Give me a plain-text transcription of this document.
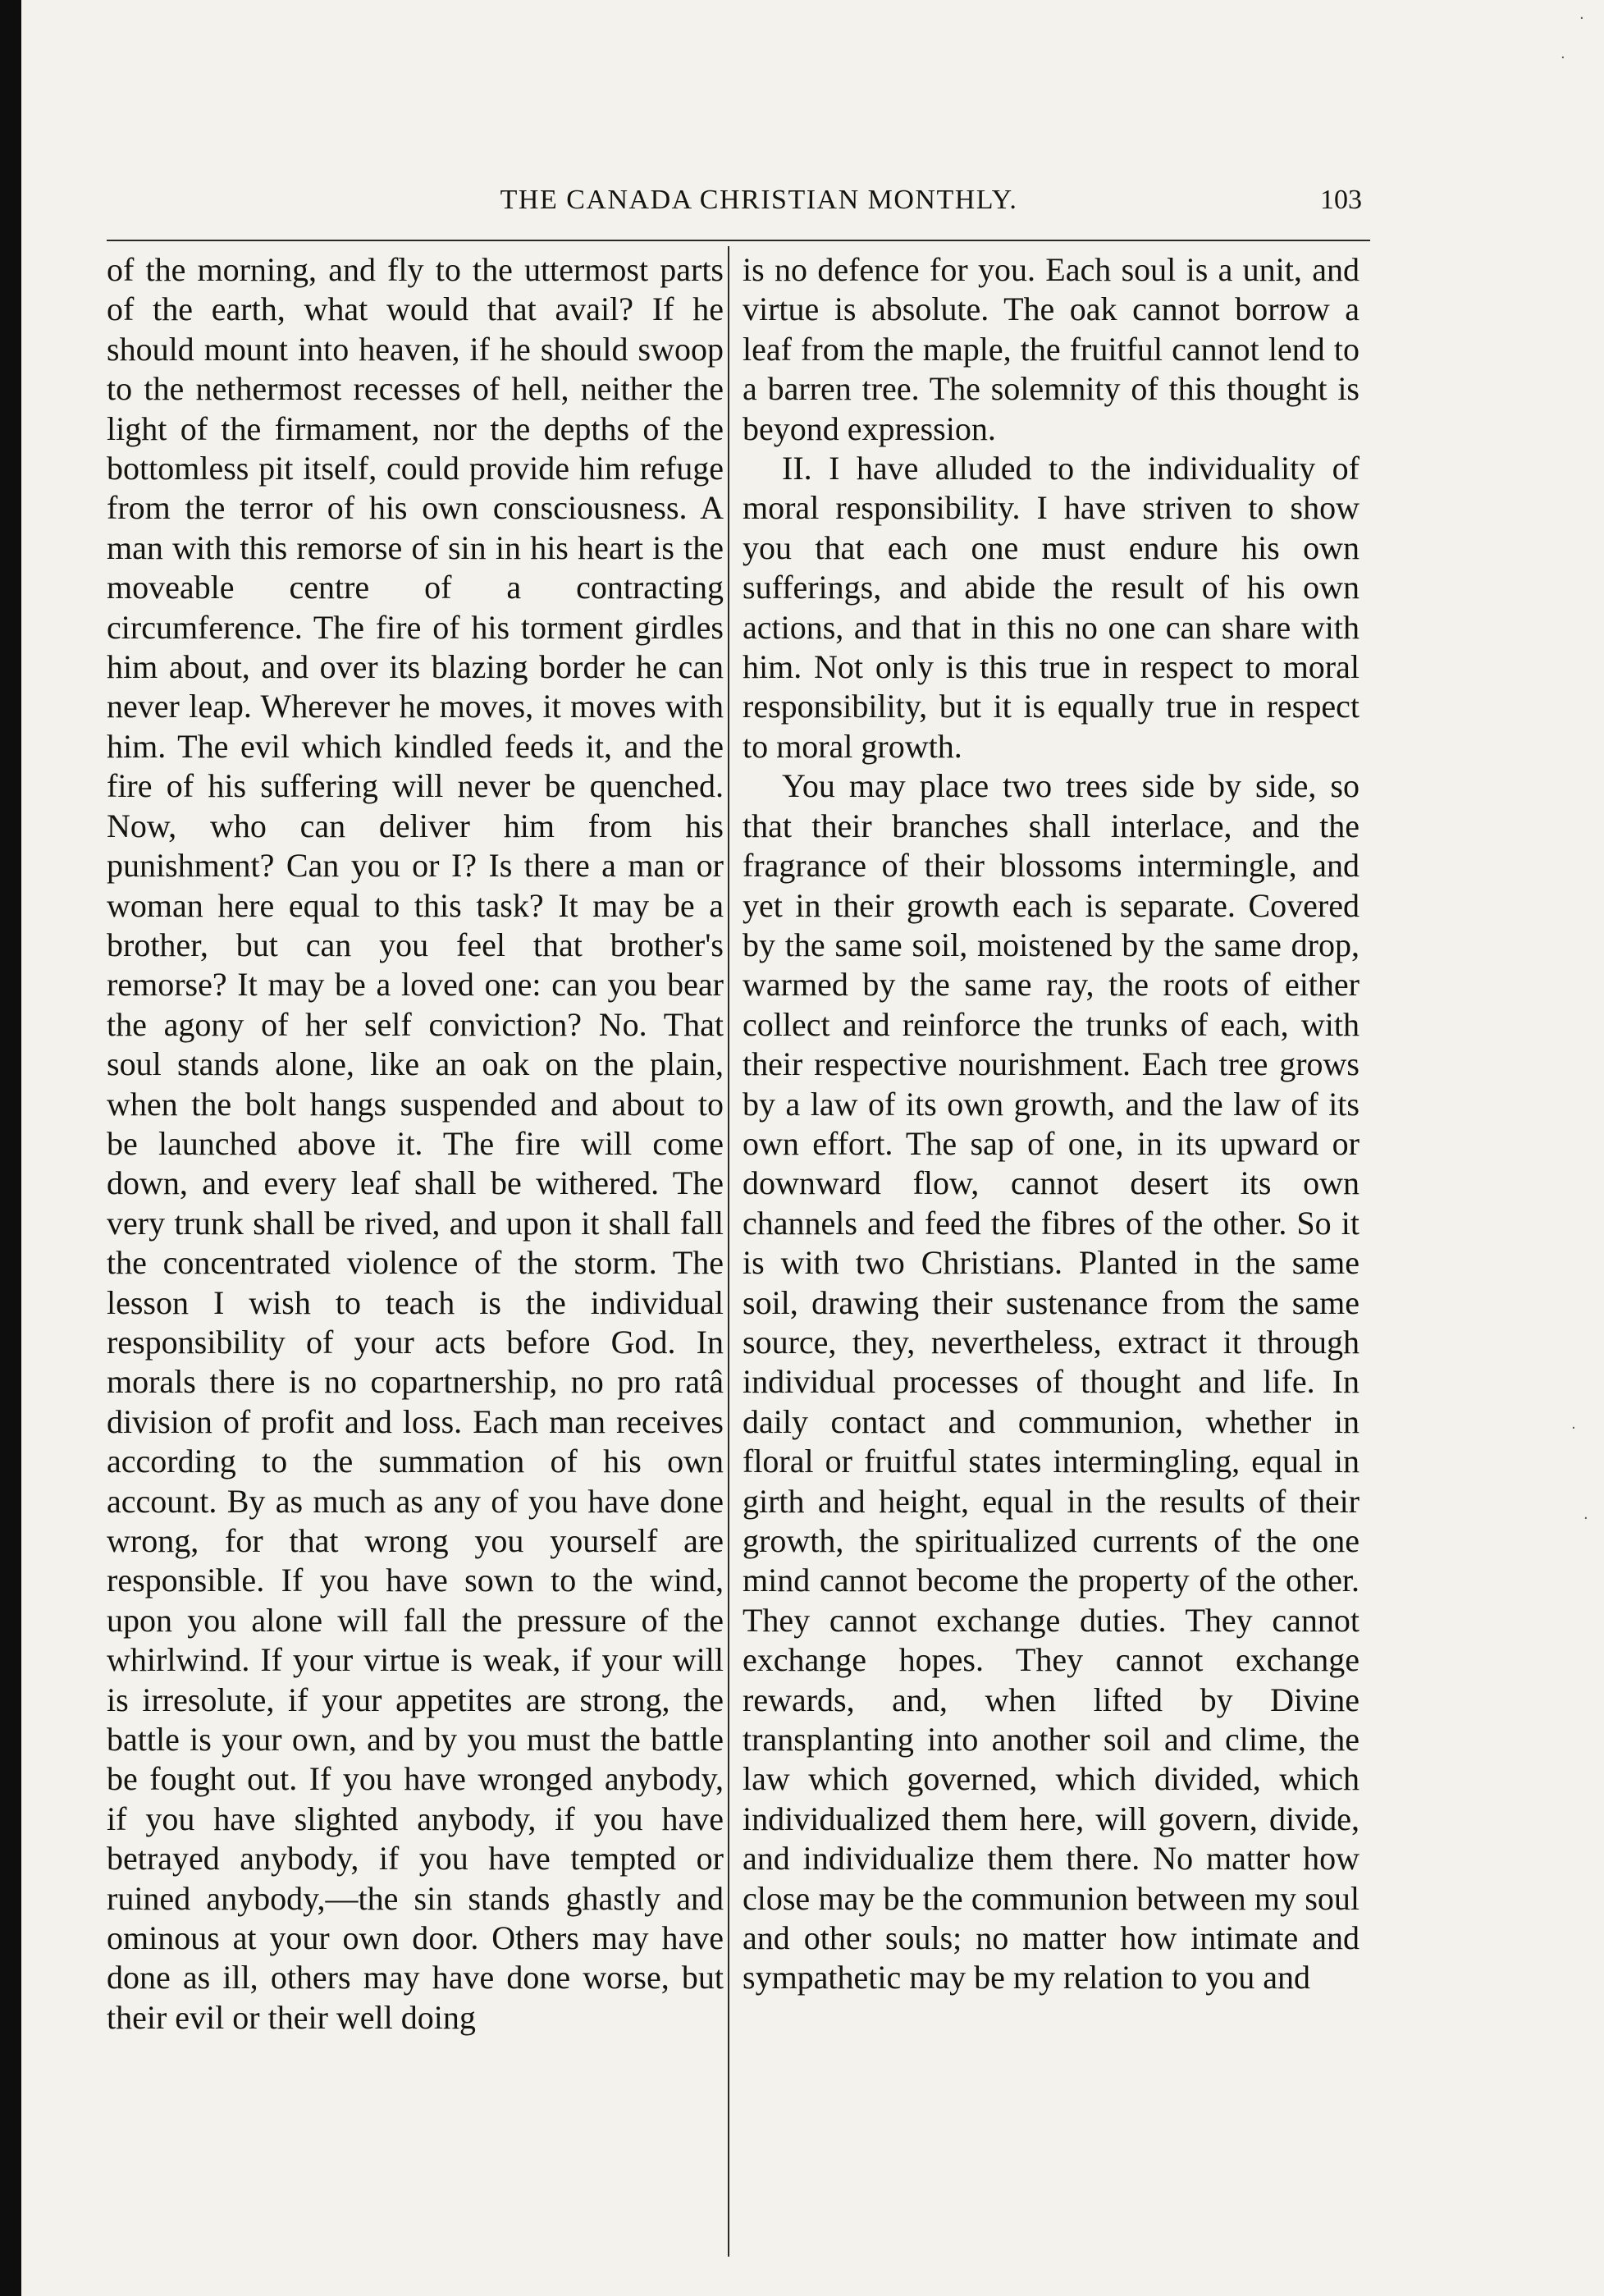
THE CANADA CHRISTIAN MONTHLY.	103

of the morning, and fly to the uttermost parts of the earth, what would that avail? If he should mount into heaven, if he should swoop to the nethermost recesses of hell, neither the light of the firmament, nor the depths of the bottomless pit itself, could provide him refuge from the terror of his own consciousness. A man with this remorse of sin in his heart is the moveable centre of a contracting circumference. The fire of his torment girdles him about, and over its blazing border he can never leap. Wherever he moves, it moves with him. The evil which kindled feeds it, and the fire of his suffering will never be quenched. Now, who can deliver him from his punishment? Can you or I? Is there a man or woman here equal to this task? It may be a brother, but can you feel that brother's remorse? It may be a loved one: can you bear the agony of her self conviction? No. That soul stands alone, like an oak on the plain, when the bolt hangs suspended and about to be launched above it. The fire will come down, and every leaf shall be withered. The very trunk shall be rived, and upon it shall fall the concentrated violence of the storm. The lesson I wish to teach is the individual responsibility of your acts before God. In morals there is no copartnership, no pro ratâ division of profit and loss. Each man receives according to the summation of his own account. By as much as any of you have done wrong, for that wrong you yourself are responsible. If you have sown to the wind, upon you alone will fall the pressure of the whirlwind. If your virtue is weak, if your will is irresolute, if your appetites are strong, the battle is your own, and by you must the battle be fought out. If you have wronged anybody, if you have slighted anybody, if you have betrayed anybody, if you have tempted or ruined anybody,—the sin stands ghastly and ominous at your own door. Others may have done as ill, others may have done worse, but their evil or their well doing

is no defence for you. Each soul is a unit, and virtue is absolute. The oak cannot borrow a leaf from the maple, the fruitful cannot lend to a barren tree. The solemnity of this thought is beyond expression.

II. I have alluded to the individuality of moral responsibility. I have striven to show you that each one must endure his own sufferings, and abide the result of his own actions, and that in this no one can share with him. Not only is this true in respect to moral responsibility, but it is equally true in respect to moral growth.

You may place two trees side by side, so that their branches shall interlace, and the fragrance of their blossoms intermingle, and yet in their growth each is separate. Covered by the same soil, moistened by the same drop, warmed by the same ray, the roots of either collect and reinforce the trunks of each, with their respective nourishment. Each tree grows by a law of its own growth, and the law of its own effort. The sap of one, in its upward or downward flow, cannot desert its own channels and feed the fibres of the other. So it is with two Christians. Planted in the same soil, drawing their sustenance from the same source, they, nevertheless, extract it through individual processes of thought and life. In daily contact and communion, whether in floral or fruitful states intermingling, equal in girth and height, equal in the results of their growth, the spiritualized currents of the one mind cannot become the property of the other. They cannot exchange duties. They cannot exchange hopes. They cannot exchange rewards, and, when lifted by Divine transplanting into another soil and clime, the law which governed, which divided, which individualized them here, will govern, divide, and individualize them there. No matter how close may be the communion between my soul and other souls; no matter how intimate and sympathetic may be my relation to you and

·
·
·
·
